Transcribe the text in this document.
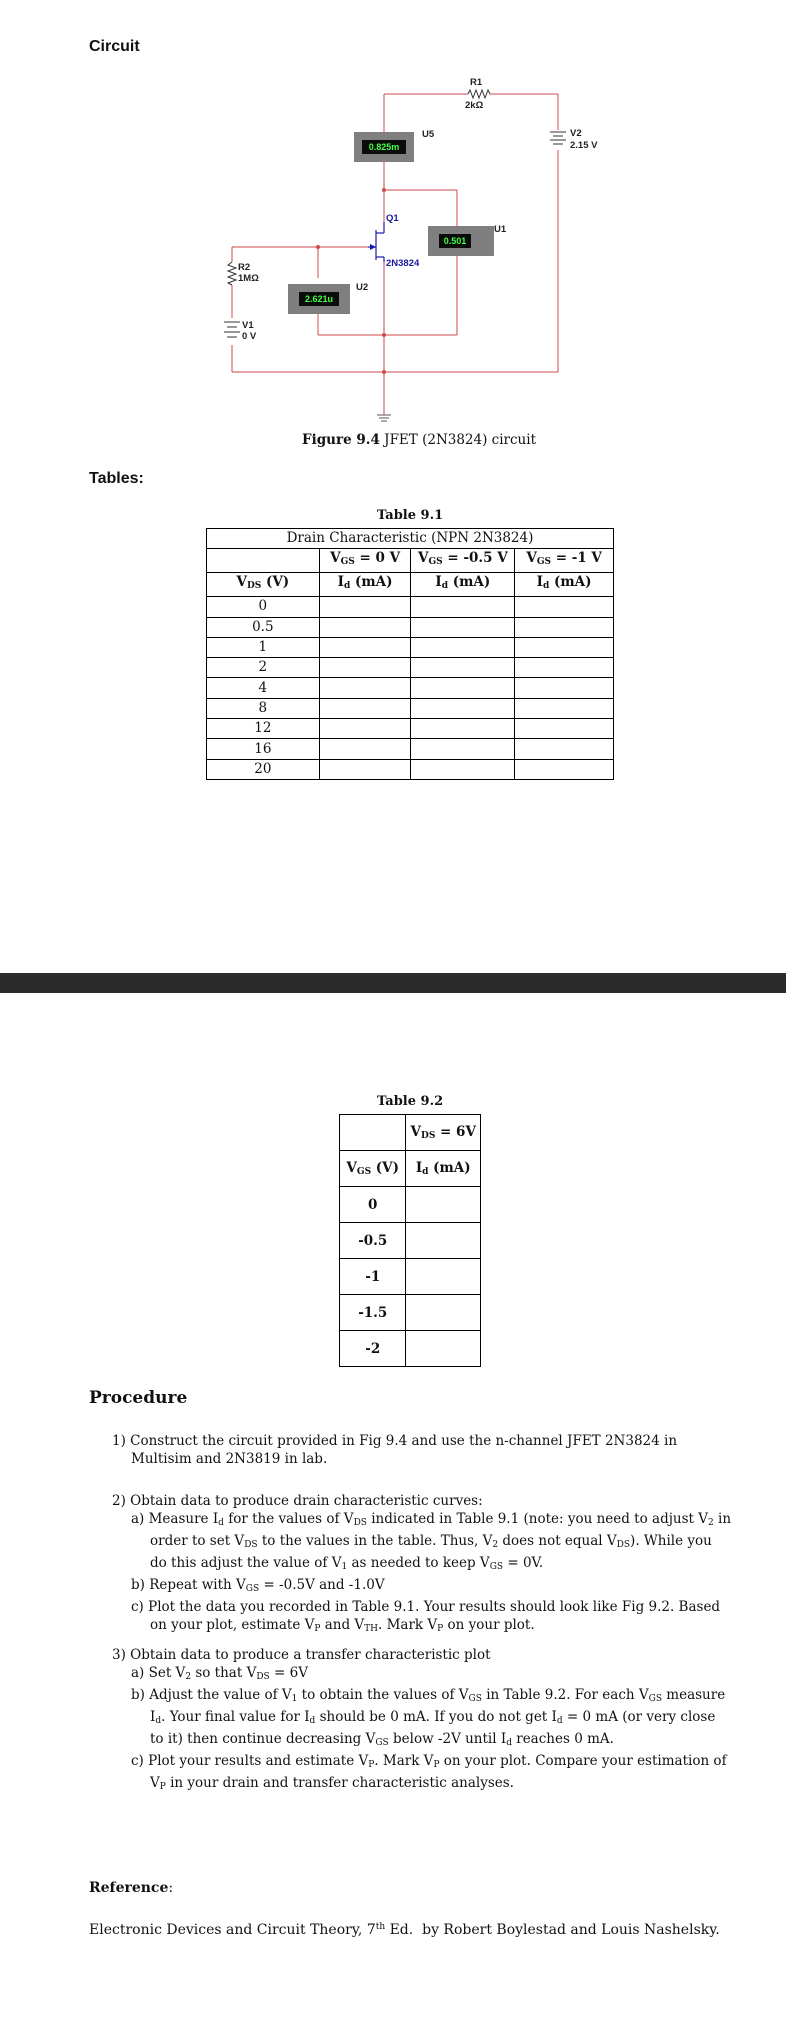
Circuit
0.825m
U5
0.501
U1
2.621u
U2
R1
2kΩ
V2
2.15 V
Q1
2N3824
R2
1MΩ
V1
0 V
Figure 9.4 JFET (2N3824) circuit
Tables:
Table 9.1
Drain Characteristic (NPN 2N3824)			
	$V_{GS} = 0$ V	$V_{GS} = -0.5$ V	$V_{GS} = -1$ V
$V_{DS}$ (V)	$I_d$ (mA)	$I_d$ (mA)	$I_d$ (mA)
0			
0.5			
1			
2			
4			
8			
12			
16			
20			
Table 9.2
	$V_{DS} = 6V$
$V_{GS}$ (V)	$I_d$ (mA)
0	
-0.5	
-1	
-1.5	
-2	
Procedure
1) Construct the circuit provided in Fig 9.4 and use the n-channel JFET 2N3824 in Multisim and 2N3819 in lab.
2) Obtain data to produce drain characteristic curves:
a) Measure $I_d$ for the values of $V_{DS}$ indicated in Table 9.1 (note: you need to adjust $V_2$ in order to set $V_{DS}$ to the values in the table. Thus, $V_2$ does not equal $V_{DS}$). While you do this adjust the value of $V_1$ as needed to keep $V_{GS} = 0V$.
b) Repeat with $V_{GS} = -0.5V$ and -1.0V
c) Plot the data you recorded in Table 9.1. Your results should look like Fig 9.2. Based on your plot, estimate $V_P$ and $V_{TH}$. Mark $V_P$ on your plot.
3) Obtain data to produce a transfer characteristic plot
a) Set $V_2$ so that $V_{DS} = 6V$
b) Adjust the value of $V_1$ to obtain the values of $V_{GS}$ in Table 9.2. For each $V_{GS}$ measure $I_d$. Your final value for $I_d$ should be 0 mA. If you do not get $I_d = 0$ mA (or very close to it) then continue decreasing $V_{GS}$ below -2V until $I_d$ reaches 0 mA.
c) Plot your results and estimate $V_P$. Mark $V_P$ on your plot. Compare your estimation of $V_P$ in your drain and transfer characteristic analyses.
Reference:
Electronic Devices and Circuit Theory, 7th Ed.  by Robert Boylestad and Louis Nashelsky.
